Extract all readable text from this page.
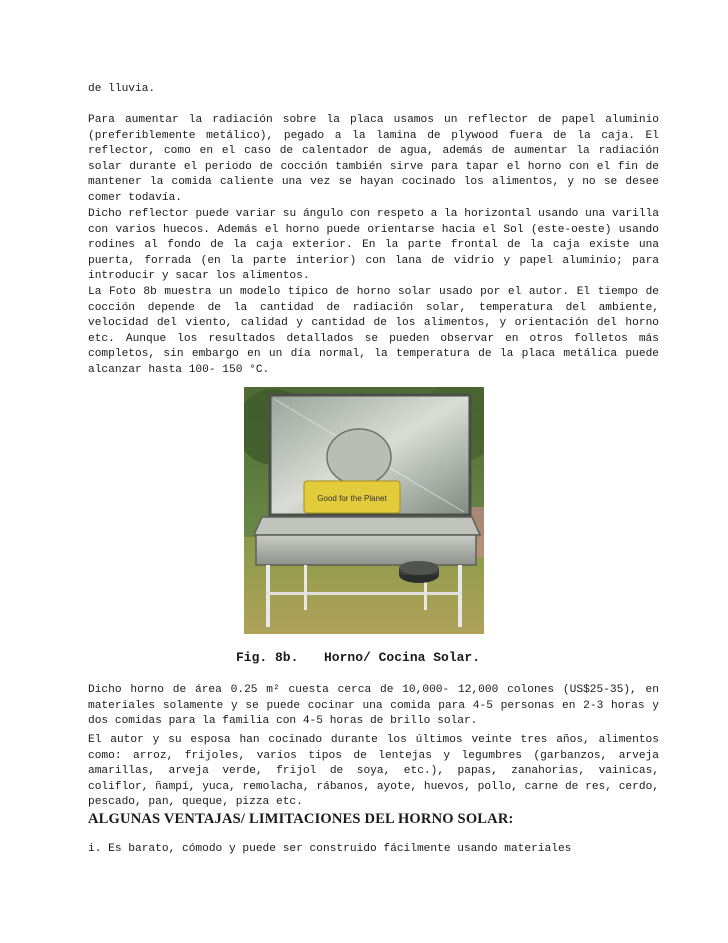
de lluvia.

Para aumentar la radiación sobre la placa usamos un reflector de papel aluminio (preferiblemente metálico), pegado a la lamina de plywood fuera de la caja. El reflector, como en el caso de calentador de agua, además de aumentar la radiación solar durante el periodo de cocción también sirve para tapar el horno con el fin de mantener la comida caliente una vez se hayan cocinado los alimentos, y no se desee comer todavía.

Dicho reflector puede variar su ángulo con respeto a la horizontal usando una varilla con varios huecos. Además el horno puede orientarse hacia el Sol (este-oeste) usando rodines al fondo de la caja exterior. En la parte frontal de la caja existe una puerta, forrada (en la parte interior) con lana de vidrio y papel aluminio; para introducir y sacar los alimentos.

La Foto 8b muestra un modelo típico de horno solar usado por el autor. El tiempo de cocción depende de la cantidad de radiación solar, temperatura del ambiente, velocidad del viento, calidad y cantidad de los alimentos, y orientación del horno etc. Aunque los resultados detallados se pueden observar en otros folletos más completos, sin embargo en un día normal, la temperatura de la placa metálica puede alcanzar hasta 100- 150 °C.

Good for the Planet
Fig. 8b. Horno/ Cocina Solar.

Dicho horno de área 0.25 m² cuesta cerca de 10,000- 12,000 colones (US$25-35), en materiales solamente y se puede cocinar una comida para 4-5 personas en 2-3 horas y dos comidas para la familia con 4-5 horas de brillo solar.

El autor y su esposa han cocinado durante los últimos veinte tres años, alimentos como: arroz, frijoles, varios tipos de lentejas y legumbres (garbanzos, arveja amarillas, arveja verde, frijol de soya, etc.), papas, zanahorias, vainicas, coliflor, ñampí, yuca, remolacha, rábanos, ayote, huevos, pollo, carne de res, cerdo, pescado, pan, queque, pizza etc.

ALGUNAS VENTAJAS/ LIMITACIONES DEL HORNO SOLAR:

i. Es barato, cómodo y puede ser construido fácilmente usando materiales
